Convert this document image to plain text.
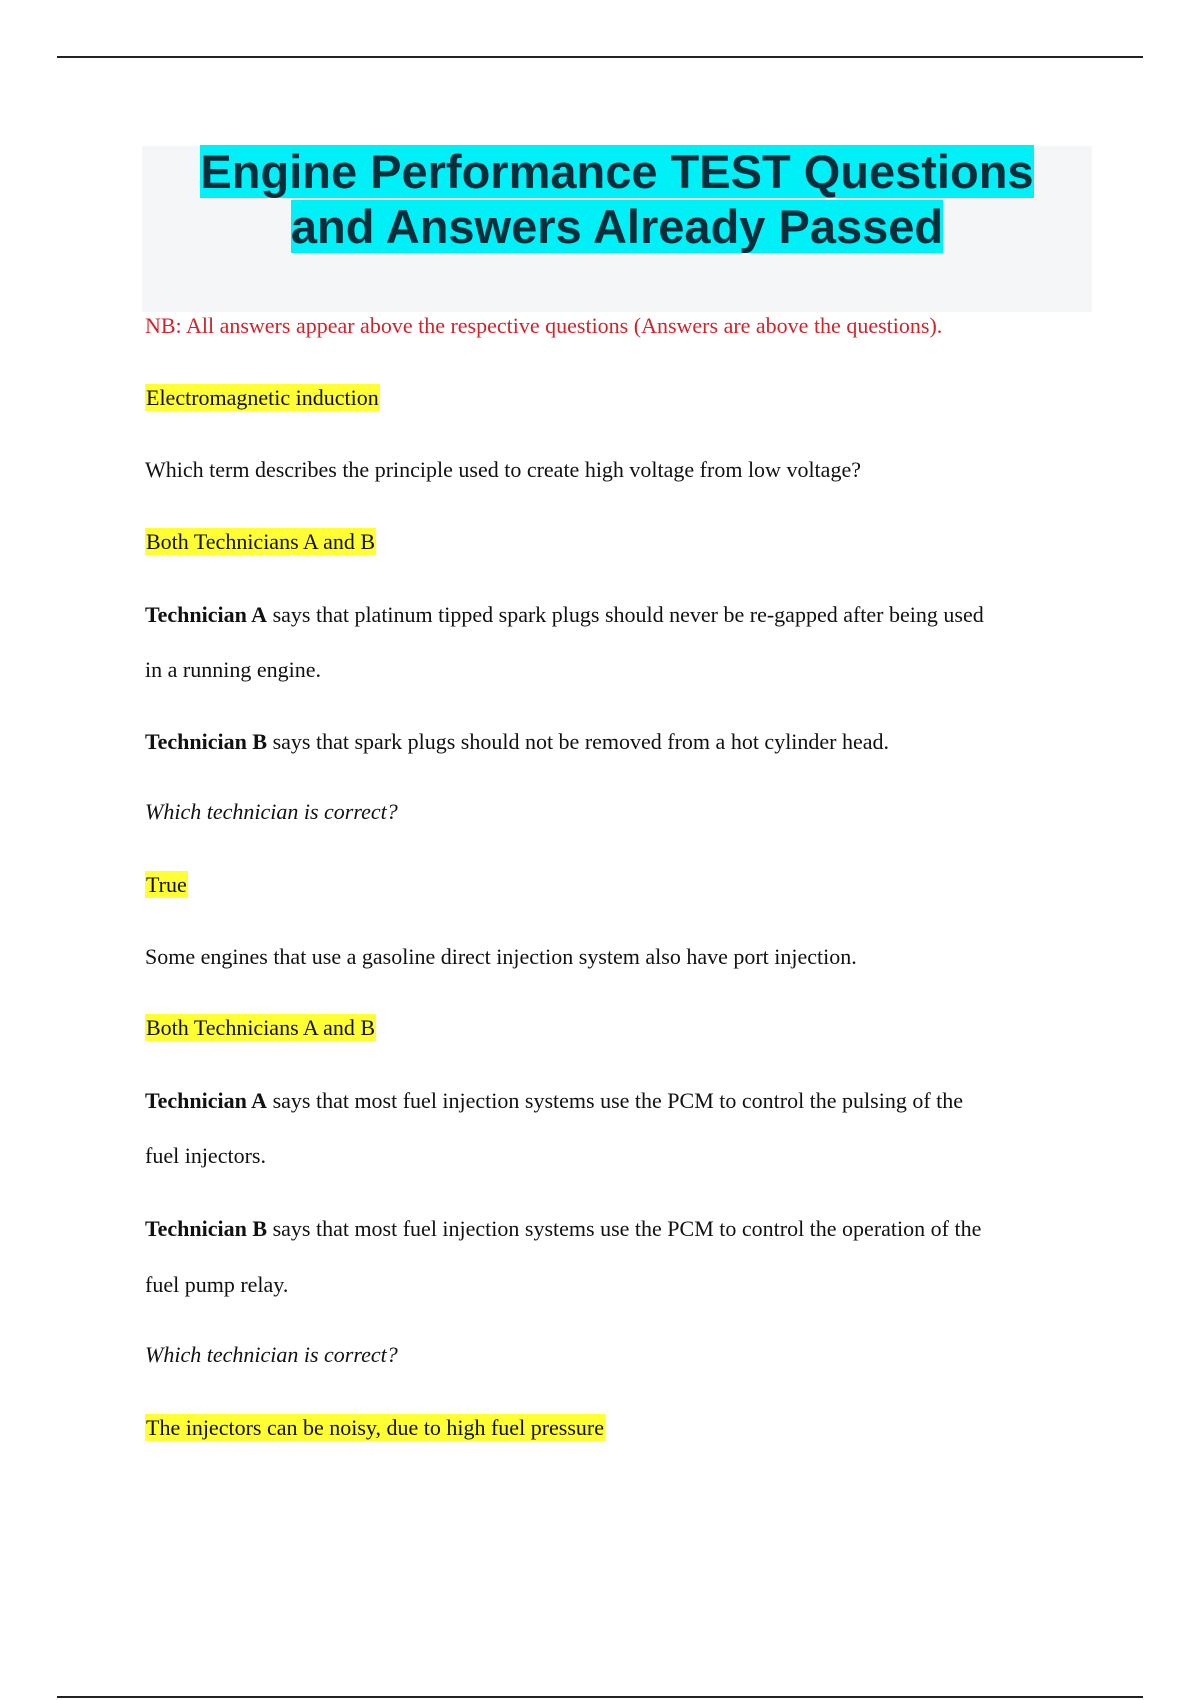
Engine Performance TEST Questions
and Answers Already Passed
NB: All answers appear above the respective questions (Answers are above the questions).
Electromagnetic induction
Which term describes the principle used to create high voltage from low voltage?
Both Technicians A and B
Technician A says that platinum tipped spark plugs should never be re-gapped after being used
in a running engine.
Technician B says that spark plugs should not be removed from a hot cylinder head.
Which technician is correct?
True
Some engines that use a gasoline direct injection system also have port injection.
Both Technicians A and B
Technician A says that most fuel injection systems use the PCM to control the pulsing of the
fuel injectors.
Technician B says that most fuel injection systems use the PCM to control the operation of the
fuel pump relay.
Which technician is correct?
The injectors can be noisy, due to high fuel pressure
